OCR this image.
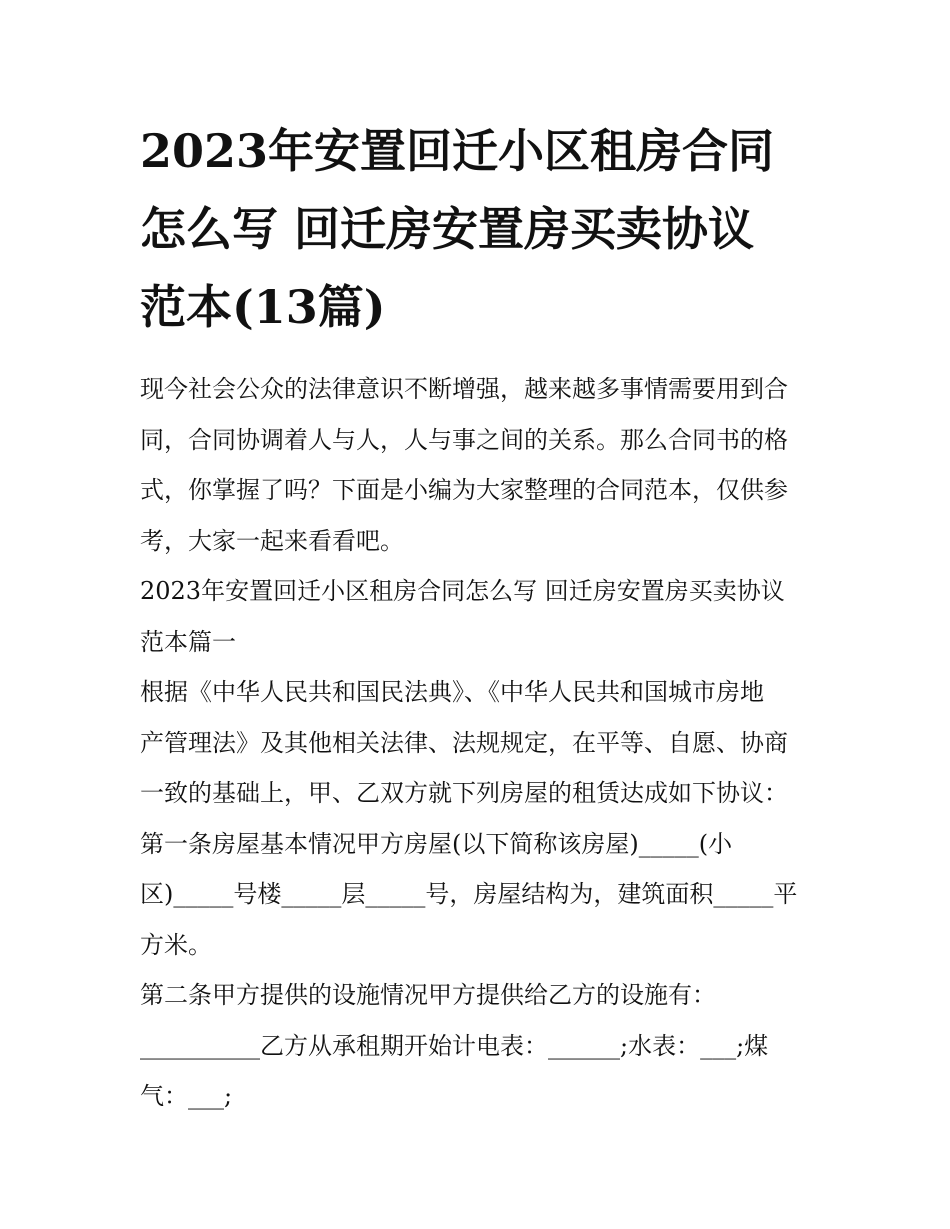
2023年安置回迁小区租房合同
怎么写 回迁房安置房买卖协议
范本(13篇)
现今社会公众的法律意识不断增强，越来越多事情需要用到合
同，合同协调着人与人，人与事之间的关系。那么合同书的格
式，你掌握了吗？下面是小编为大家整理的合同范本，仅供参
考，大家一起来看看吧。
2023年安置回迁小区租房合同怎么写 回迁房安置房买卖协议
范本篇一
根据《中华人民共和国民法典》、《中华人民共和国城市房地
产管理法》及其他相关法律、法规规定，在平等、自愿、协商
一致的基础上，甲、乙双方就下列房屋的租赁达成如下协议：
第一条房屋基本情况甲方房屋(以下简称该房屋)_____(小
区)_____号楼_____层_____号，房屋结构为，建筑面积_____平
方米。
第二条甲方提供的设施情况甲方提供给乙方的设施有：
__________乙方从承租期开始计电表：______;水表：___;煤
气：___;
